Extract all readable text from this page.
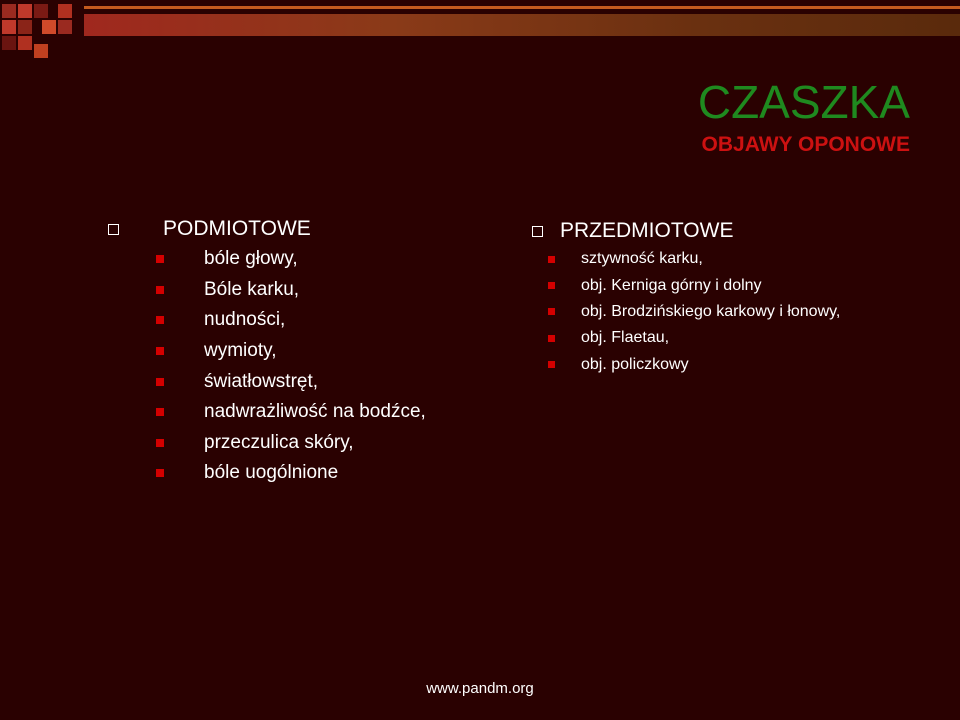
CZASZKA
OBJAWY OPONOWE
PODMIOTOWE
bóle głowy,
Bóle karku,
nudności,
wymioty,
światłowstręt,
nadwrażliwość na bodźce,
przeczulica skóry,
bóle uogólnione
PRZEDMIOTOWE
sztywność karku,
obj. Kerniga górny i dolny
obj. Brodzińskiego karkowy i łonowy,
obj. Flaetau,
obj. policzkowy
www.pandm.org
